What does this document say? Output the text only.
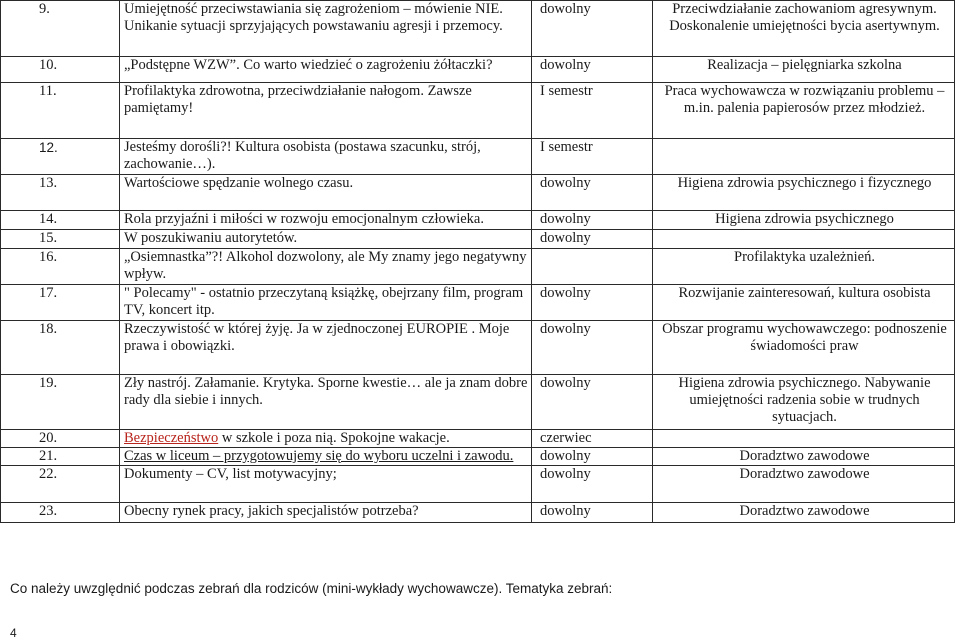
9.	Umiejętność przeciwstawiania się zagrożeniom – mówienie NIE. Unikanie sytuacji sprzyjających powstawaniu agresji i przemocy.	dowolny	Przeciwdziałanie zachowaniom agresywnym. Doskonalenie umiejętności bycia asertywnym.
10.	„Podstępne WZW”. Co warto wiedzieć o zagrożeniu żółtaczki?	dowolny	Realizacja – pielęgniarka szkolna
11.	Profilaktyka zdrowotna, przeciwdziałanie nałogom. Zawsze pamiętamy!	I semestr	Praca wychowawcza w rozwiązaniu problemu – m.in. palenia papierosów przez młodzież.
12.	Jesteśmy dorośli?! Kultura osobista (postawa szacunku, strój, zachowanie…).	I semestr	
13.	Wartościowe spędzanie wolnego czasu.	dowolny	Higiena zdrowia psychicznego i fizycznego
14.	Rola przyjaźni i miłości w rozwoju emocjonalnym człowieka.	dowolny	Higiena zdrowia psychicznego
15.	W poszukiwaniu autorytetów.	dowolny	
16.	„Osiemnastka”?! Alkohol dozwolony, ale My znamy jego negatywny wpływ.		Profilaktyka uzależnień.
17.	" Polecamy" - ostatnio przeczytaną książkę, obejrzany film, program TV, koncert itp.	dowolny	Rozwijanie zainteresowań, kultura osobista
18.	Rzeczywistość w której żyję. Ja w zjednoczonej EUROPIE . Moje prawa i obowiązki.	dowolny	Obszar programu wychowawczego: podnoszenie świadomości praw
19.	Zły nastrój. Załamanie. Krytyka. Sporne kwestie… ale ja znam dobre rady dla siebie i innych.	dowolny	Higiena zdrowia psychicznego. Nabywanie umiejętności radzenia sobie w trudnych sytuacjach.
20.	Bezpieczeństwo w szkole i poza nią. Spokojne wakacje.	czerwiec	
21.	Czas w liceum – przygotowujemy się do wyboru uczelni i zawodu.	dowolny	Doradztwo zawodowe
22.	Dokumenty – CV, list motywacyjny;	dowolny	Doradztwo zawodowe
23.	Obecny rynek pracy, jakich specjalistów potrzeba?	dowolny	Doradztwo zawodowe
Co należy uwzględnić podczas zebrań dla rodziców (mini-wykłady wychowawcze). Tematyka zebrań:
4
